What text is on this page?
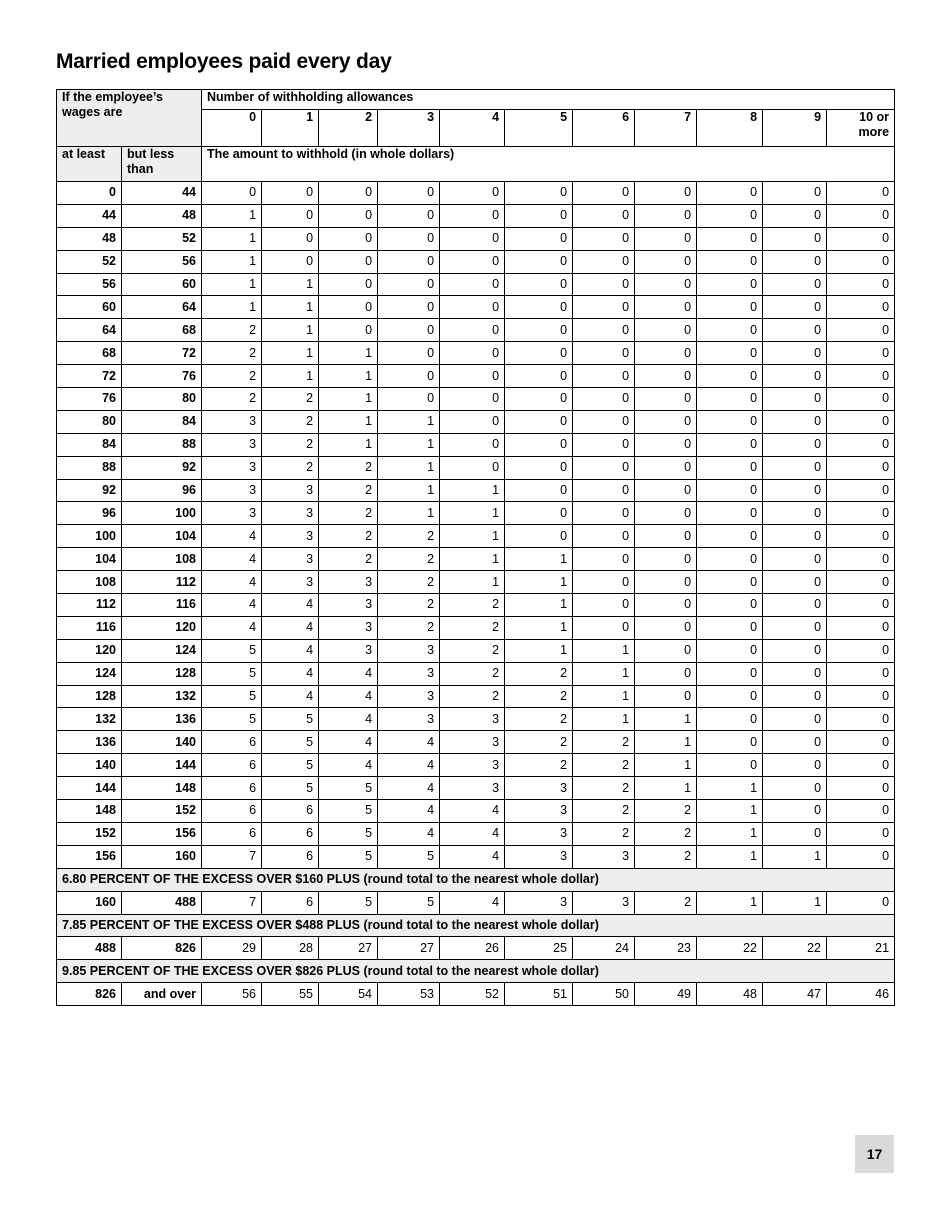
Married employees paid every day
If the employee’s wages are		Number of withholding allowances										
		0	1	2	3	4	5	6	7	8	9	10 or more
at least	but less than	The amount to withhold (in whole dollars)										
0	44	0	0	0	0	0	0	0	0	0	0	0
44	48	1	0	0	0	0	0	0	0	0	0	0
48	52	1	0	0	0	0	0	0	0	0	0	0
52	56	1	0	0	0	0	0	0	0	0	0	0
56	60	1	1	0	0	0	0	0	0	0	0	0
60	64	1	1	0	0	0	0	0	0	0	0	0
64	68	2	1	0	0	0	0	0	0	0	0	0
68	72	2	1	1	0	0	0	0	0	0	0	0
72	76	2	1	1	0	0	0	0	0	0	0	0
76	80	2	2	1	0	0	0	0	0	0	0	0
80	84	3	2	1	1	0	0	0	0	0	0	0
84	88	3	2	1	1	0	0	0	0	0	0	0
88	92	3	2	2	1	0	0	0	0	0	0	0
92	96	3	3	2	1	1	0	0	0	0	0	0
96	100	3	3	2	1	1	0	0	0	0	0	0
100	104	4	3	2	2	1	0	0	0	0	0	0
104	108	4	3	2	2	1	1	0	0	0	0	0
108	112	4	3	3	2	1	1	0	0	0	0	0
112	116	4	4	3	2	2	1	0	0	0	0	0
116	120	4	4	3	2	2	1	0	0	0	0	0
120	124	5	4	3	3	2	1	1	0	0	0	0
124	128	5	4	4	3	2	2	1	0	0	0	0
128	132	5	4	4	3	2	2	1	0	0	0	0
132	136	5	5	4	3	3	2	1	1	0	0	0
136	140	6	5	4	4	3	2	2	1	0	0	0
140	144	6	5	4	4	3	2	2	1	0	0	0
144	148	6	5	5	4	3	3	2	1	1	0	0
148	152	6	6	5	4	4	3	2	2	1	0	0
152	156	6	6	5	4	4	3	2	2	1	0	0
156	160	7	6	5	5	4	3	3	2	1	1	0
6.80 PERCENT OF THE EXCESS OVER $160 PLUS (round total to the nearest whole dollar)												
160	488	7	6	5	5	4	3	3	2	1	1	0
7.85 PERCENT OF THE EXCESS OVER $488 PLUS (round total to the nearest whole dollar)												
488	826	29	28	27	27	26	25	24	23	22	22	21
9.85 PERCENT OF THE EXCESS OVER $826 PLUS (round total to the nearest whole dollar)												
826	and over	56	55	54	53	52	51	50	49	48	47	46
17
